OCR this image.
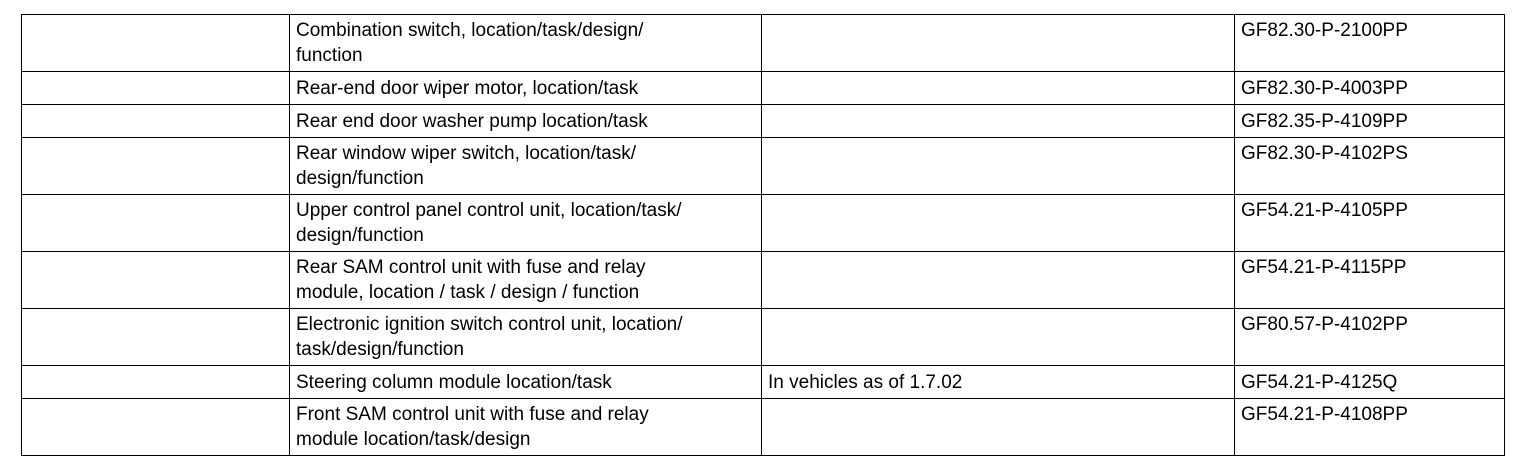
	Combination switch, location/task/design/
function		GF82.30-P-2100PP
	Rear-end door wiper motor, location/task		GF82.30-P-4003PP
	Rear end door washer pump location/task		GF82.35-P-4109PP
	Rear window wiper switch, location/task/
design/function		GF82.30-P-4102PS
	Upper control panel control unit, location/task/
design/function		GF54.21-P-4105PP
	Rear SAM control unit with fuse and relay
module, location / task / design / function		GF54.21-P-4115PP
	Electronic ignition switch control unit, location/
task/design/function		GF80.57-P-4102PP
	Steering column module location/task	In vehicles as of 1.7.02	GF54.21-P-4125Q
	Front SAM control unit with fuse and relay
module location/task/design		GF54.21-P-4108PP
